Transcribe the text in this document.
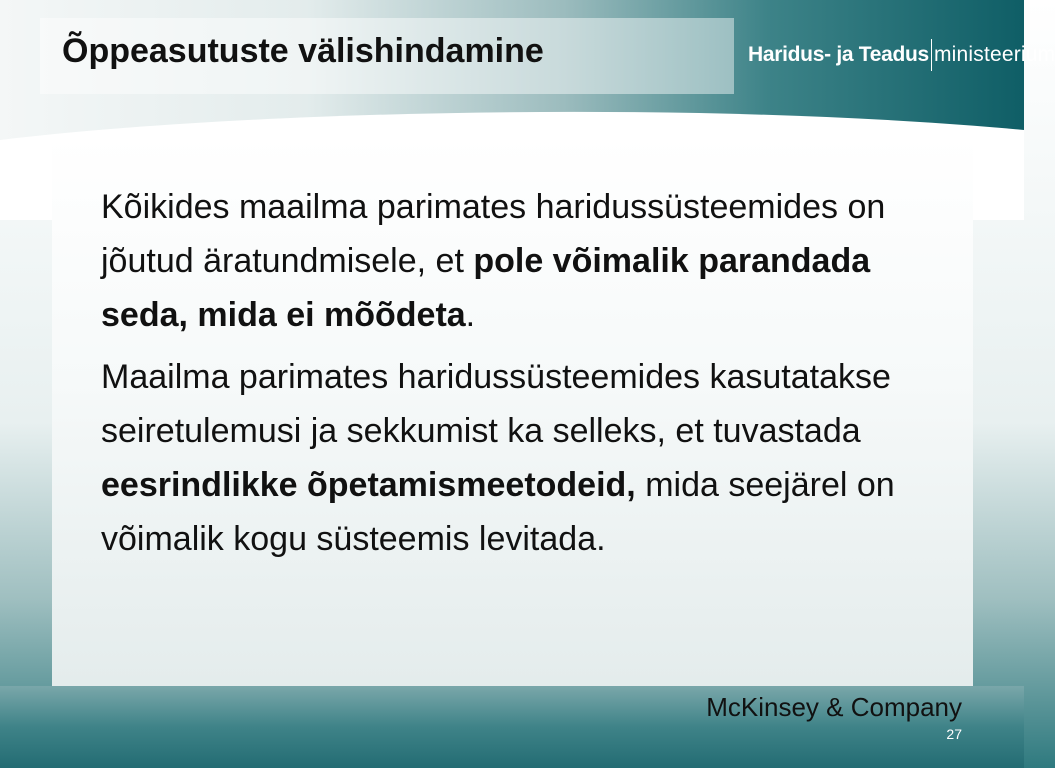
Õppeasutuste välishindamine	Haridus- ja Teadus ministeerium

Kõikides maailma parimates haridussüsteemides on jõutud äratundmisele, et pole võimalik parandada seda, mida ei mõõdeta.

Maailma parimates haridussüsteemides kasutatakse seiretulemusi ja sekkumist ka selleks, et tuvastada eesrindlikke õpetamismeetodeid, mida seejärel on võimalik kogu süsteemis levitada.

McKinsey & Company
27
